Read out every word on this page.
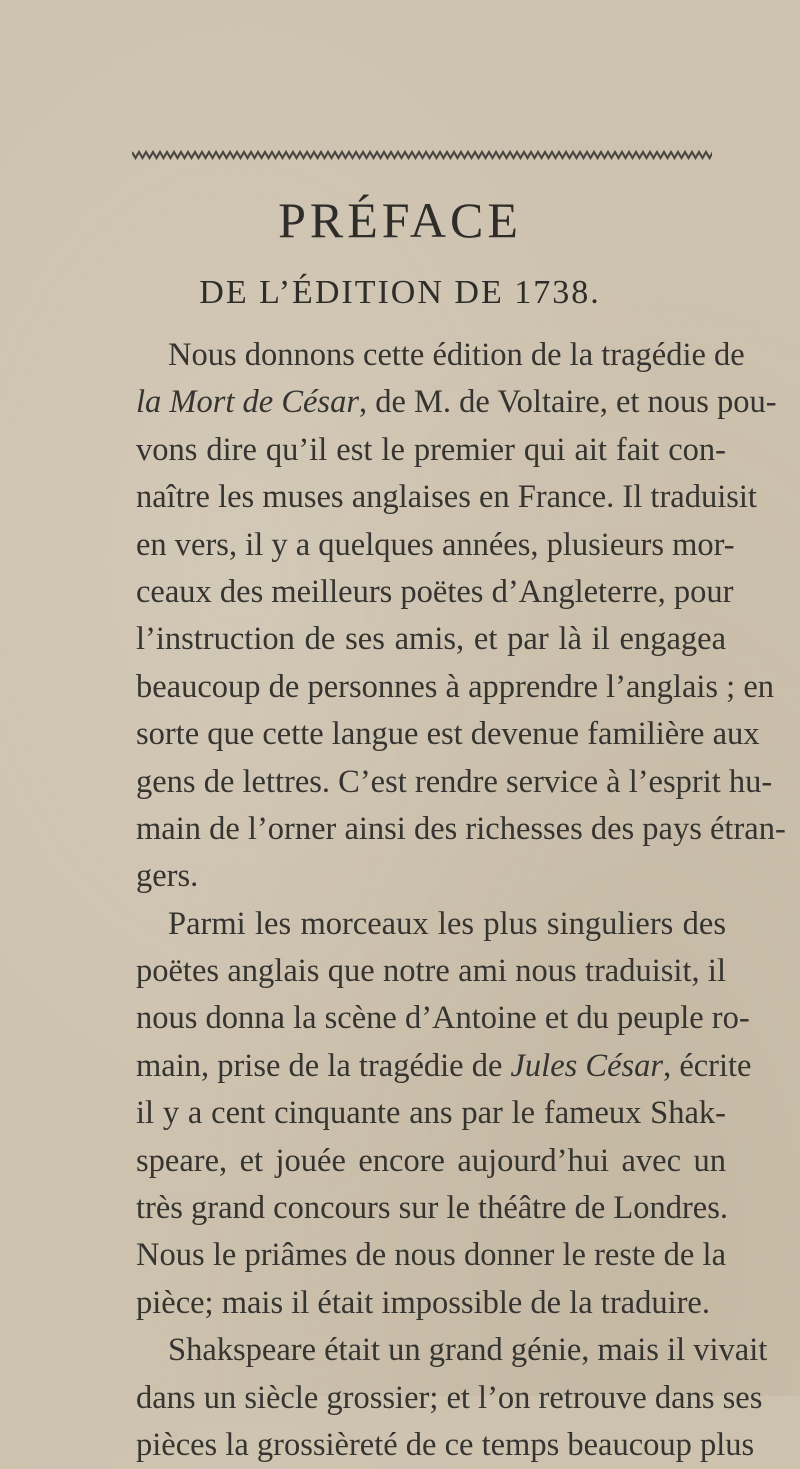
PRÉFACE
DE L’ÉDITION DE 1738.
Nous donnons cette édition de la tragédie de
la Mort de César, de M. de Voltaire, et nous pou-
vons dire qu’il est le premier qui ait fait con-
naître les muses anglaises en France. Il traduisit
en vers, il y a quelques années, plusieurs mor-
ceaux des meilleurs poëtes d’Angleterre, pour
l’instruction de ses amis, et par là il engagea
beaucoup de personnes à apprendre l’anglais ; en
sorte que cette langue est devenue familière aux
gens de lettres. C’est rendre service à l’esprit hu-
main de l’orner ainsi des richesses des pays étran-
gers.
Parmi les morceaux les plus singuliers des
poëtes anglais que notre ami nous traduisit, il
nous donna la scène d’Antoine et du peuple ro-
main, prise de la tragédie de Jules César, écrite
il y a cent cinquante ans par le fameux Shak-
speare, et jouée encore aujourd’hui avec un
très grand concours sur le théâtre de Londres.
Nous le priâmes de nous donner le reste de la
pièce; mais il était impossible de la traduire.
Shakspeare était un grand génie, mais il vivait
dans un siècle grossier; et l’on retrouve dans ses
pièces la grossièreté de ce temps beaucoup plus
